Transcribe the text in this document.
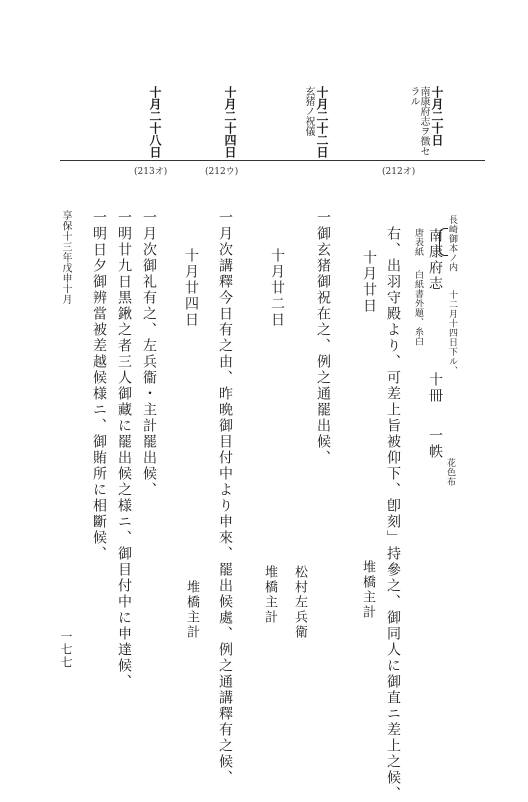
十月二十日
南康府志ヲ徴セラル
十月二十二日
玄猪ノ祝儀
十月二十四日
十月二十八日
(212オ)
(212ウ)
(213オ)
長崎御本ノ内
十二月十四日下ル、
南康府志
十冊
一帙
花色布
唐表紙
白紙書外題、糸白
右、出羽守殿より、可差上旨被仰下、卽刻」持參之、御同人に御直ニ差上之候、
十月廿日
堆橋主計
一御玄猪御祝在之、例之通罷出候、
十月廿二日
松村左兵衛
堆橋主計
一月次講釋今日有之由、昨晩御目付中より申來、罷出候處、例之通講釋有之候、
十月廿四日
堆橋主計
一月次御礼有之、左兵衞・主計罷出候、
一明廿九日黒鍬之者三人御藏に罷出候之様ニ、御目付中に申達候、
一明日夕御辨當被差越候様ニ、御賄所に相斷候、
享保十三年戊申十月
一七七
